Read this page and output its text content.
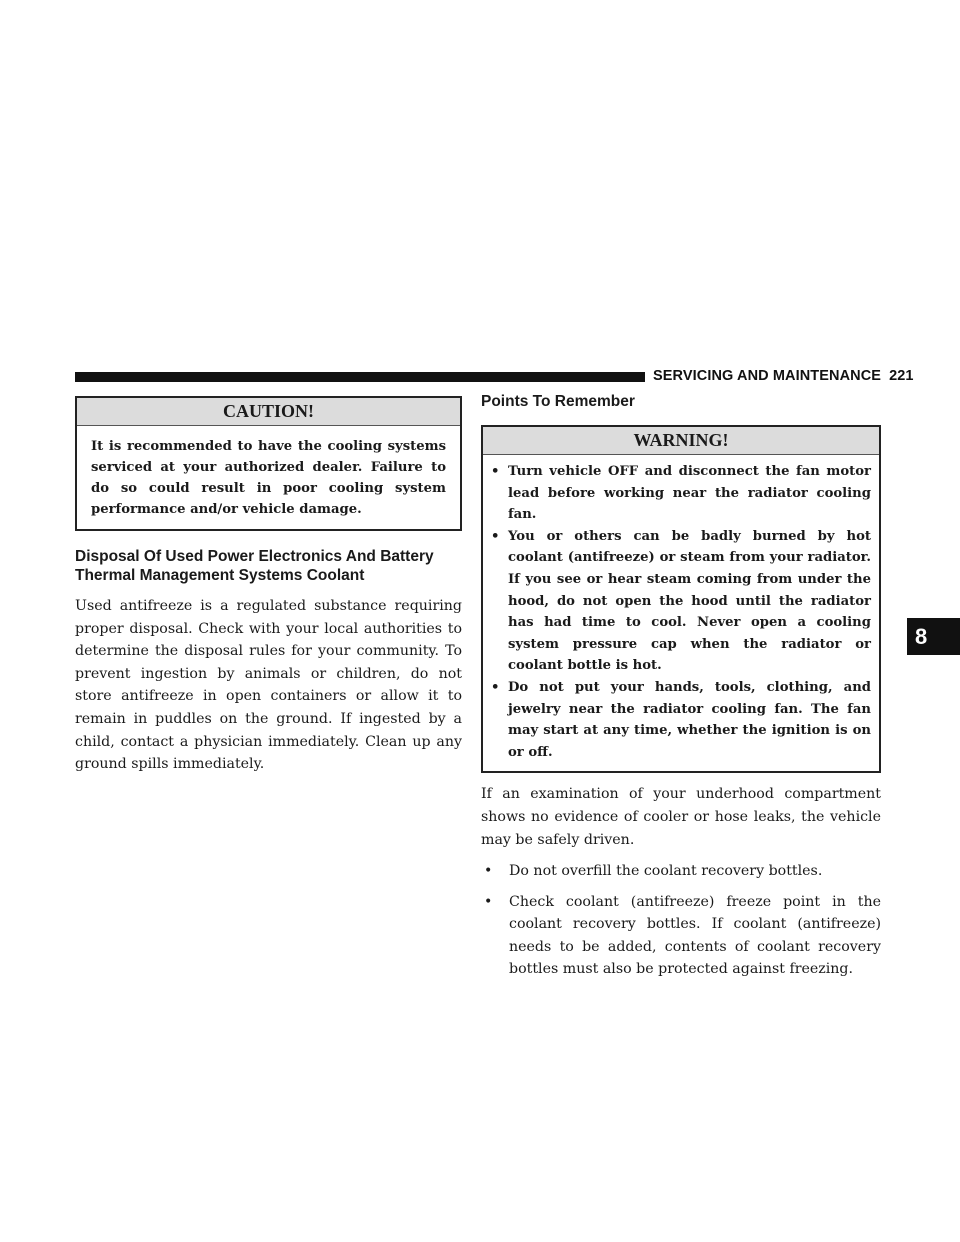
SERVICING AND MAINTENANCE 221
CAUTION!
It is recommended to have the cooling systems serviced at your authorized dealer. Failure to do so could result in poor cooling system performance and/or vehicle damage.
Disposal Of Used Power Electronics And Battery
Thermal Management Systems Coolant

Used antifreeze is a regulated substance requiring proper disposal. Check with your local authorities to determine the disposal rules for your community. To prevent ingestion by animals or children, do not store antifreeze in open containers or allow it to remain in puddles on the ground. If ingested by a child, contact a physician immediately. Clean up any ground spills immediately.

Points To Remember
WARNING!
• Turn vehicle OFF and disconnect the fan motor lead before working near the radiator cooling fan.
• You or others can be badly burned by hot coolant (antifreeze) or steam from your radiator. If you see or hear steam coming from under the hood, do not open the hood until the radiator has had time to cool. Never open a cooling system pressure cap when the radiator or coolant bottle is hot.
• Do not put your hands, tools, clothing, and jewelry near the radiator cooling fan. The fan may start at any time, whether the ignition is on or off.

If an examination of your underhood compartment shows no evidence of cooler or hose leaks, the vehicle may be safely driven.

• Do not overfill the coolant recovery bottles.
• Check coolant (antifreeze) freeze point in the coolant recovery bottles. If coolant (antifreeze) needs to be added, contents of coolant recovery bottles must also be protected against freezing.
8
